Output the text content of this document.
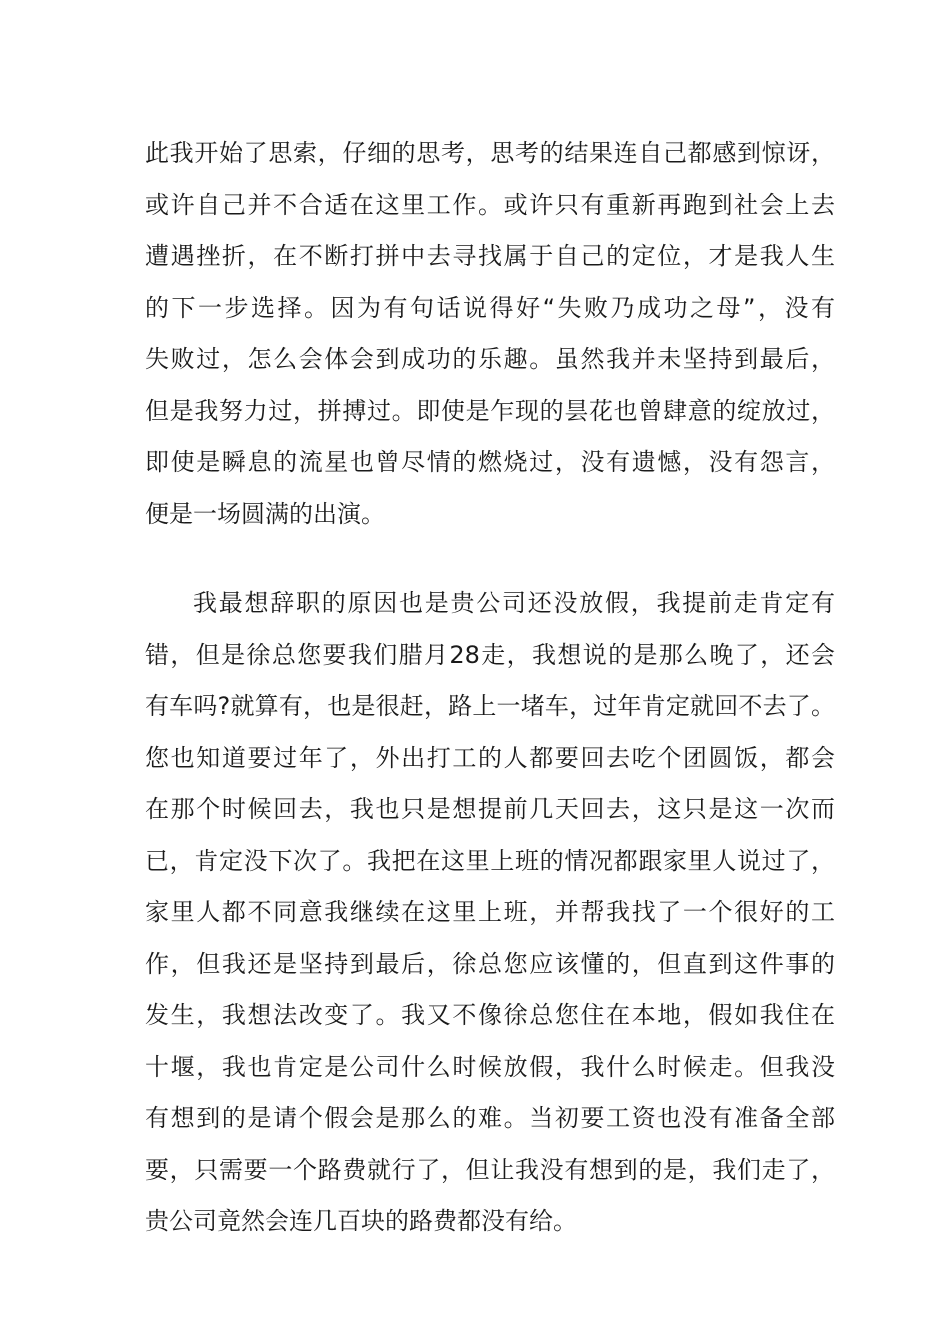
此我开始了思索，仔细的思考，思考的结果连自己都感到惊讶，
或许自己并不合适在这里工作。或许只有重新再跑到社会上去
遭遇挫折，在不断打拼中去寻找属于自己的定位，才是我人生
的下一步选择。因为有句话说得好“失败乃成功之母”，没有
失败过，怎么会体会到成功的乐趣。虽然我并未坚持到最后，
但是我努力过，拼搏过。即使是乍现的昙花也曾肆意的绽放过，
即使是瞬息的流星也曾尽情的燃烧过，没有遗憾，没有怨言，
便是一场圆满的出演。
我最想辞职的原因也是贵公司还没放假，我提前走肯定有
错，但是徐总您要我们腊月28走，我想说的是那么晚了，还会
有车吗?就算有，也是很赶，路上一堵车，过年肯定就回不去了。
您也知道要过年了，外出打工的人都要回去吃个团圆饭，都会
在那个时候回去，我也只是想提前几天回去，这只是这一次而
已，肯定没下次了。我把在这里上班的情况都跟家里人说过了，
家里人都不同意我继续在这里上班，并帮我找了一个很好的工
作，但我还是坚持到最后，徐总您应该懂的，但直到这件事的
发生，我想法改变了。我又不像徐总您住在本地，假如我住在
十堰，我也肯定是公司什么时候放假，我什么时候走。但我没
有想到的是请个假会是那么的难。当初要工资也没有准备全部
要，只需要一个路费就行了，但让我没有想到的是，我们走了，
贵公司竟然会连几百块的路费都没有给。
